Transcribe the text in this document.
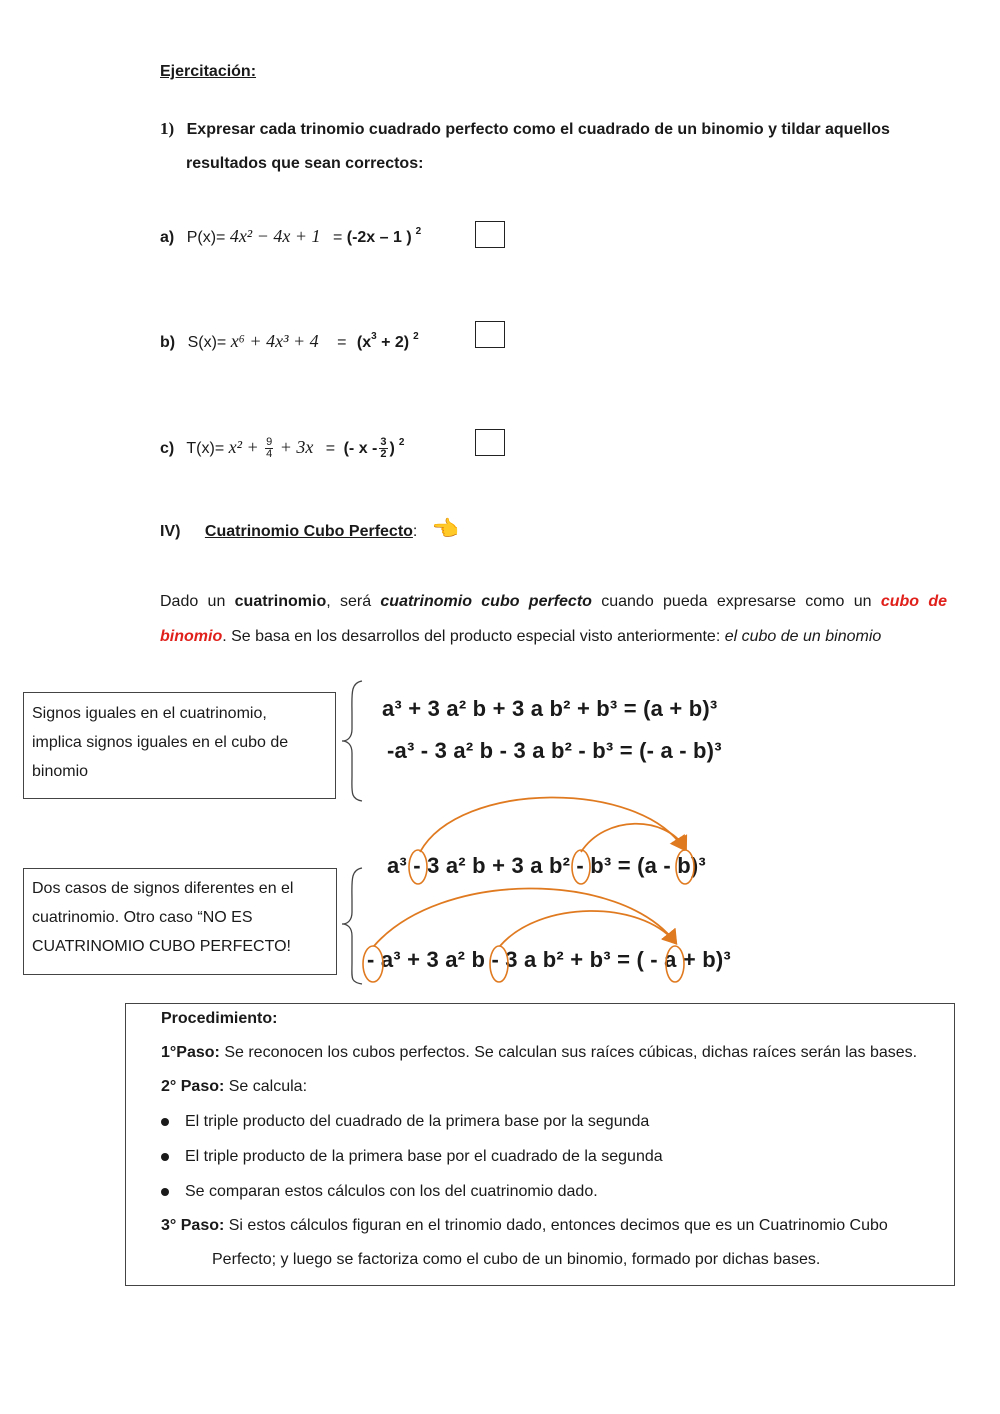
Ejercitación:
1) Expresar cada trinomio cuadrado perfecto como el cuadrado de un binomio y tildar aquellos
resultados que sean correctos:
a) P(x)= 4x² − 4x + 1 = (-2x – 1 ) $^2$
b) $S(x)= x^6 + 4x^3 + 4 = (x^3 + 2)$ $^2$
c) $T(x)= x^2 + \frac{9}{4} + 3x$ = (- x - $\frac{3}{2}$ ) $^2$
IV) Cuatrinomio Cubo Perfecto: 👈
Dado un cuatrinomio, será cuatrinomio cubo perfecto cuando pueda expresarse como un cubo de binomio. Se basa en los desarrollos del producto especial visto anteriormente: el cubo de un binomio
Signos iguales en el cuatrinomio,
implica signos iguales en el cubo de
binomio
Dos casos de signos diferentes en el
cuatrinomio. Otro caso “NO ES
CUATRINOMIO CUBO PERFECTO!
a³ + 3 a² b + 3 a b² + b³ = (a + b)³
-a³ - 3 a² b - 3 a b² - b³ = (- a - b)³
a³ - 3 a² b + 3 a b² - b³ = (a - b)³
- a³ + 3 a² b - 3 a b² + b³ = ( - a + b)³
Procedimiento:
1°Paso: Se reconocen los cubos perfectos. Se calculan sus raíces cúbicas, dichas raíces serán las bases.
2° Paso: Se calcula:
El triple producto del cuadrado de la primera base por la segunda
El triple producto de la primera base por el cuadrado de la segunda
Se comparan estos cálculos con los del cuatrinomio dado.
3° Paso: Si estos cálculos figuran en el trinomio dado, entonces decimos que es un Cuatrinomio Cubo
Perfecto; y luego se factoriza como el cubo de un binomio, formado por dichas bases.
